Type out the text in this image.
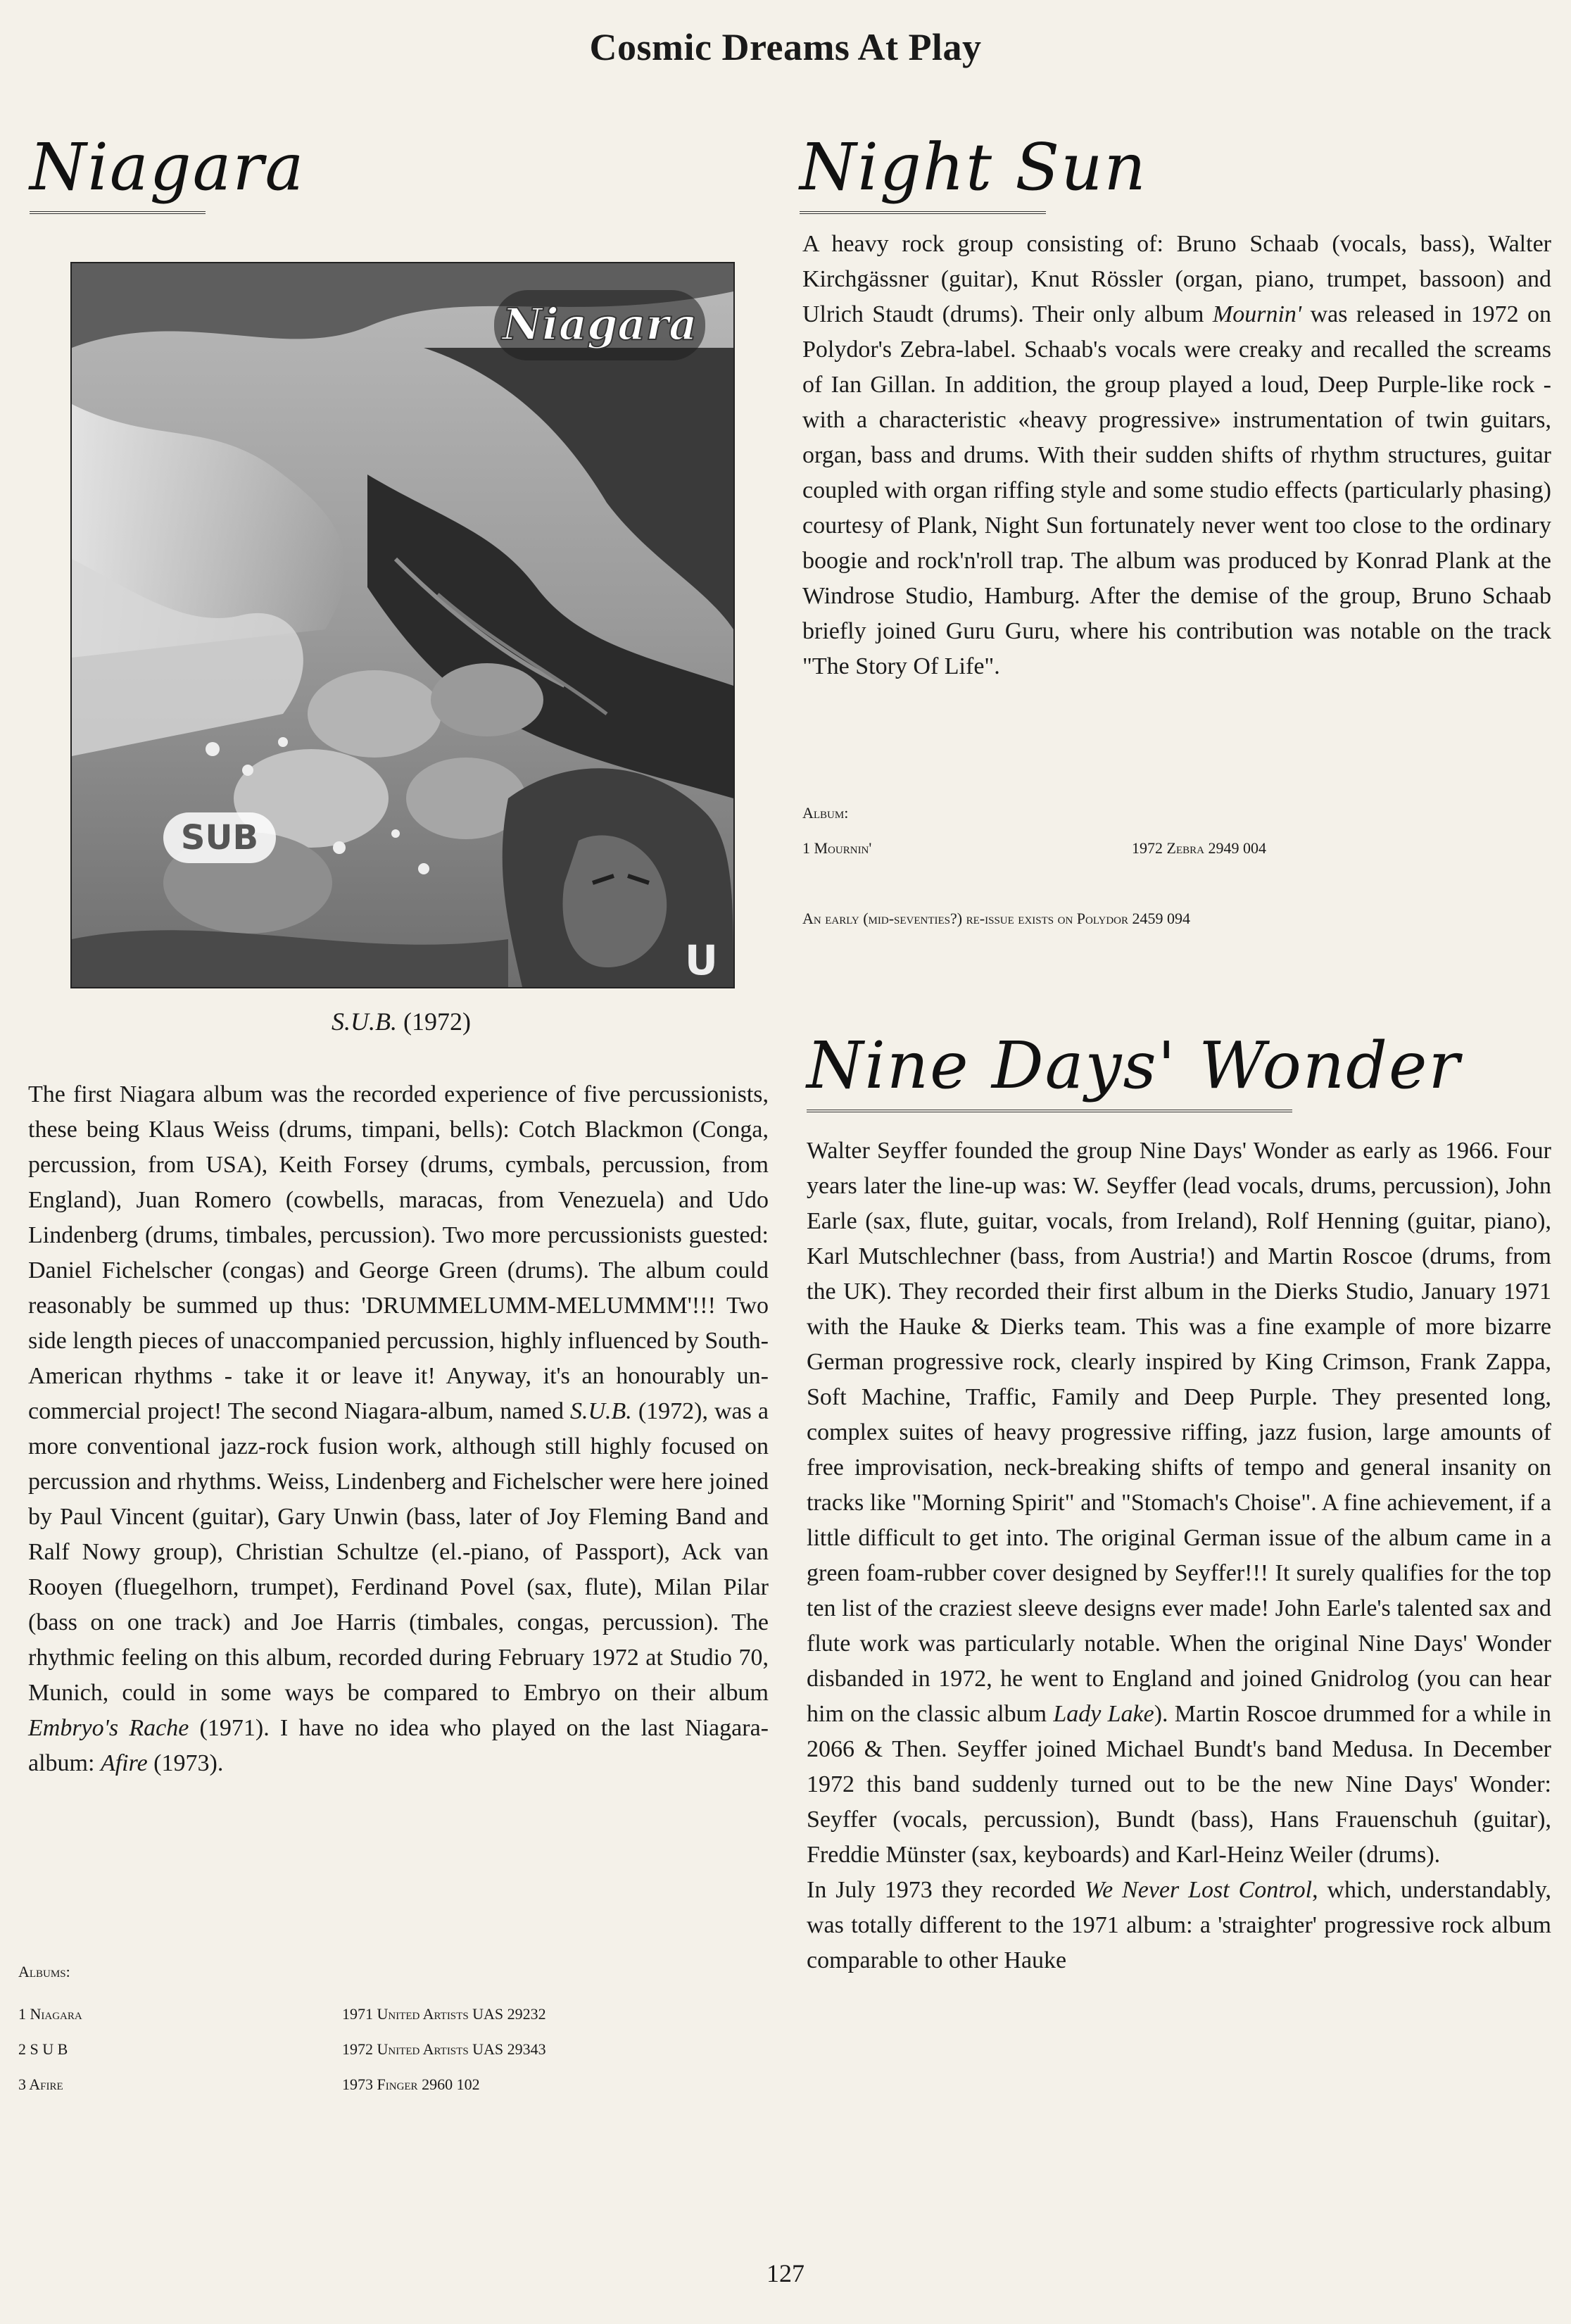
Cosmic Dreams At Play
Niagara
Niagara
SUB
U
S.U.B. (1972)

The first Niagara album was the recorded experience of five percussionists, these being Klaus Weiss (drums, timpani, bells): Cotch Blackmon (Conga, percussion, from USA), Keith Forsey (drums, cymbals, percussion, from England), Juan Romero (cowbells, maracas, from Venezuela) and Udo Lindenberg (drums, timbales, percussion). Two more percussionists guested: Daniel Fichelscher (congas) and George Green (drums). The album could reasonably be summed up thus: 'DRUMMELUMM-MELUMMM'!!! Two side length pieces of unaccompanied percussion, highly influenced by South-American rhythms - take it or leave it! Anyway, it's an honourably un-commercial project! The second Niagara-album, named S.U.B. (1972), was a more conventional jazz-rock fusion work, although still highly focused on percussion and rhythms. Weiss, Lindenberg and Fichelscher were here joined by Paul Vincent (guitar), Gary Unwin (bass, later of Joy Fleming Band and Ralf Nowy group), Christian Schultze (el.-piano, of Passport), Ack van Rooyen (fluegelhorn, trumpet), Ferdinand Povel (sax, flute), Milan Pilar (bass on one track) and Joe Harris (timbales, congas, percussion). The rhythmic feeling on this album, recorded during February 1972 at Studio 70, Munich, could in some ways be compared to Embryo on their album Embryo's Rache (1971). I have no idea who played on the last Niagara- album: Afire (1973).

Albums:
1 Niagara	1971 United Artists UAS 29232
2 S U B	1972 United Artists UAS 29343
3 Afire	1973 Finger 2960 102
Night Sun

A heavy rock group consisting of: Bruno Schaab (vocals, bass), Walter Kirchgässner (guitar), Knut Rössler (organ, piano, trumpet, bassoon) and Ulrich Staudt (drums). Their only album Mournin' was released in 1972 on Polydor's Zebra-label. Schaab's vocals were creaky and recalled the screams of Ian Gillan. In addition, the group played a loud, Deep Purple-like rock - with a characteristic «heavy progressive» instrumentation of twin guitars, organ, bass and drums. With their sudden shifts of rhythm structures, guitar coupled with organ riffing style and some studio effects (particularly phasing) courtesy of Plank, Night Sun fortunately never went too close to the ordinary boogie and rock'n'roll trap. The album was produced by Konrad Plank at the Windrose Studio, Hamburg. After the demise of the group, Bruno Schaab briefly joined Guru Guru, where his contribution was notable on the track "The Story Of Life".

Album:
1 Mournin'	1972 Zebra 2949 004
An early (mid-seventies?) re-issue exists on Polydor 2459 094
Nine Days' Wonder

Walter Seyffer founded the group Nine Days' Wonder as early as 1966. Four years later the line-up was: W. Seyffer (lead vocals, drums, percussion), John Earle (sax, flute, guitar, vocals, from Ireland), Rolf Henning (guitar, piano), Karl Mutschlechner (bass, from Austria!) and Martin Roscoe (drums, from the UK). They recorded their first album in the Dierks Studio, January 1971 with the Hauke & Dierks team. This was a fine example of more bizarre German progressive rock, clearly inspired by King Crimson, Frank Zappa, Soft Machine, Traffic, Family and Deep Purple. They presented long, complex suites of heavy progressive riffing, jazz fusion, large amounts of free improvisation, neck-breaking shifts of tempo and general insanity on tracks like "Morning Spirit" and "Stomach's Choise". A fine achievement, if a little difficult to get into. The original German issue of the album came in a green foam-rubber cover designed by Seyffer!!! It surely qualifies for the top ten list of the craziest sleeve designs ever made! John Earle's talented sax and flute work was particularly notable. When the original Nine Days' Wonder disbanded in 1972, he went to England and joined Gnidrolog (you can hear him on the classic album Lady Lake). Martin Roscoe drummed for a while in 2066 & Then. Seyffer joined Michael Bundt's band Medusa. In December 1972 this band suddenly turned out to be the new Nine Days' Wonder: Seyffer (vocals, percussion), Bundt (bass), Hans Frauenschuh (guitar), Freddie Münster (sax, keyboards) and Karl-Heinz Weiler (drums).

In July 1973 they recorded We Never Lost Control, which, understandably, was totally different to the 1971 album: a 'straighter' progressive rock album comparable to other Hauke

127
